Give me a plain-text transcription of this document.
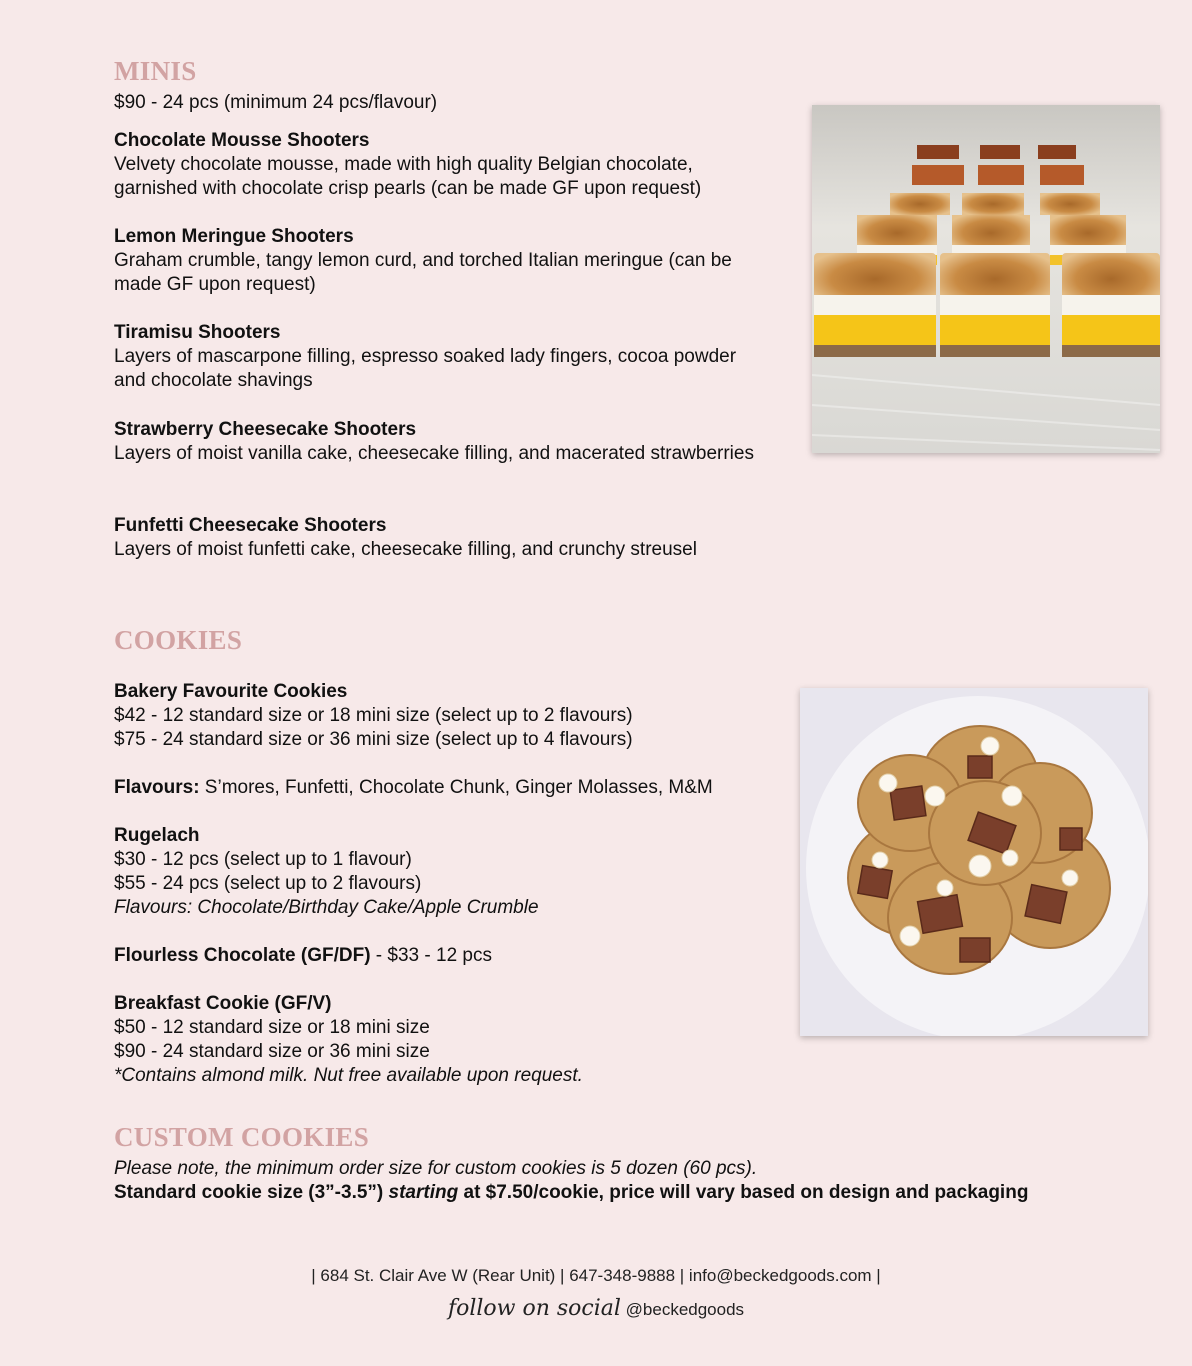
MINIS

$90 - 24 pcs (minimum 24 pcs/flavour)

Chocolate Mousse Shooters
Velvety chocolate mousse, made with high quality Belgian chocolate, garnished with chocolate crisp pearls (can be made GF upon request)
Lemon Meringue Shooters
Graham crumble, tangy lemon curd, and torched Italian meringue (can be made GF upon request)
Tiramisu Shooters
Layers of mascarpone filling, espresso soaked lady fingers, cocoa powder and chocolate shavings
Strawberry Cheesecake Shooters
Layers of moist vanilla cake, cheesecake filling, and macerated strawberries
Funfetti Cheesecake Shooters
Layers of moist funfetti cake, cheesecake filling, and crunchy streusel
COOKIES
Bakery Favourite Cookies
$42 - 12 standard size or 18 mini size (select up to 2 flavours)
$75 - 24 standard size or 36 mini size (select up to 4 flavours)

Flavours: S’mores, Funfetti, Chocolate Chunk, Ginger Molasses, M&M

Rugelach
$30 - 12 pcs (select up to 1 flavour)
$55 - 24 pcs (select up to 2 flavours)
Flavours: Chocolate/Birthday Cake/Apple Crumble

Flourless Chocolate (GF/DF) - $33 - 12 pcs

Breakfast Cookie (GF/V)
$50 - 12 standard size or 18 mini size
$90 - 24 standard size or 36 mini size
*Contains almond milk. Nut free available upon request.
CUSTOM COOKIES

Please note, the minimum order size for custom cookies is 5 dozen (60 pcs).

Standard cookie size (3”-3.5”) starting at $7.50/cookie, price will vary based on design and packaging

| 684 St. Clair Ave W (Rear Unit) | 647-348-9888 | info@beckedgoods.com |
follow on social @beckedgoods
